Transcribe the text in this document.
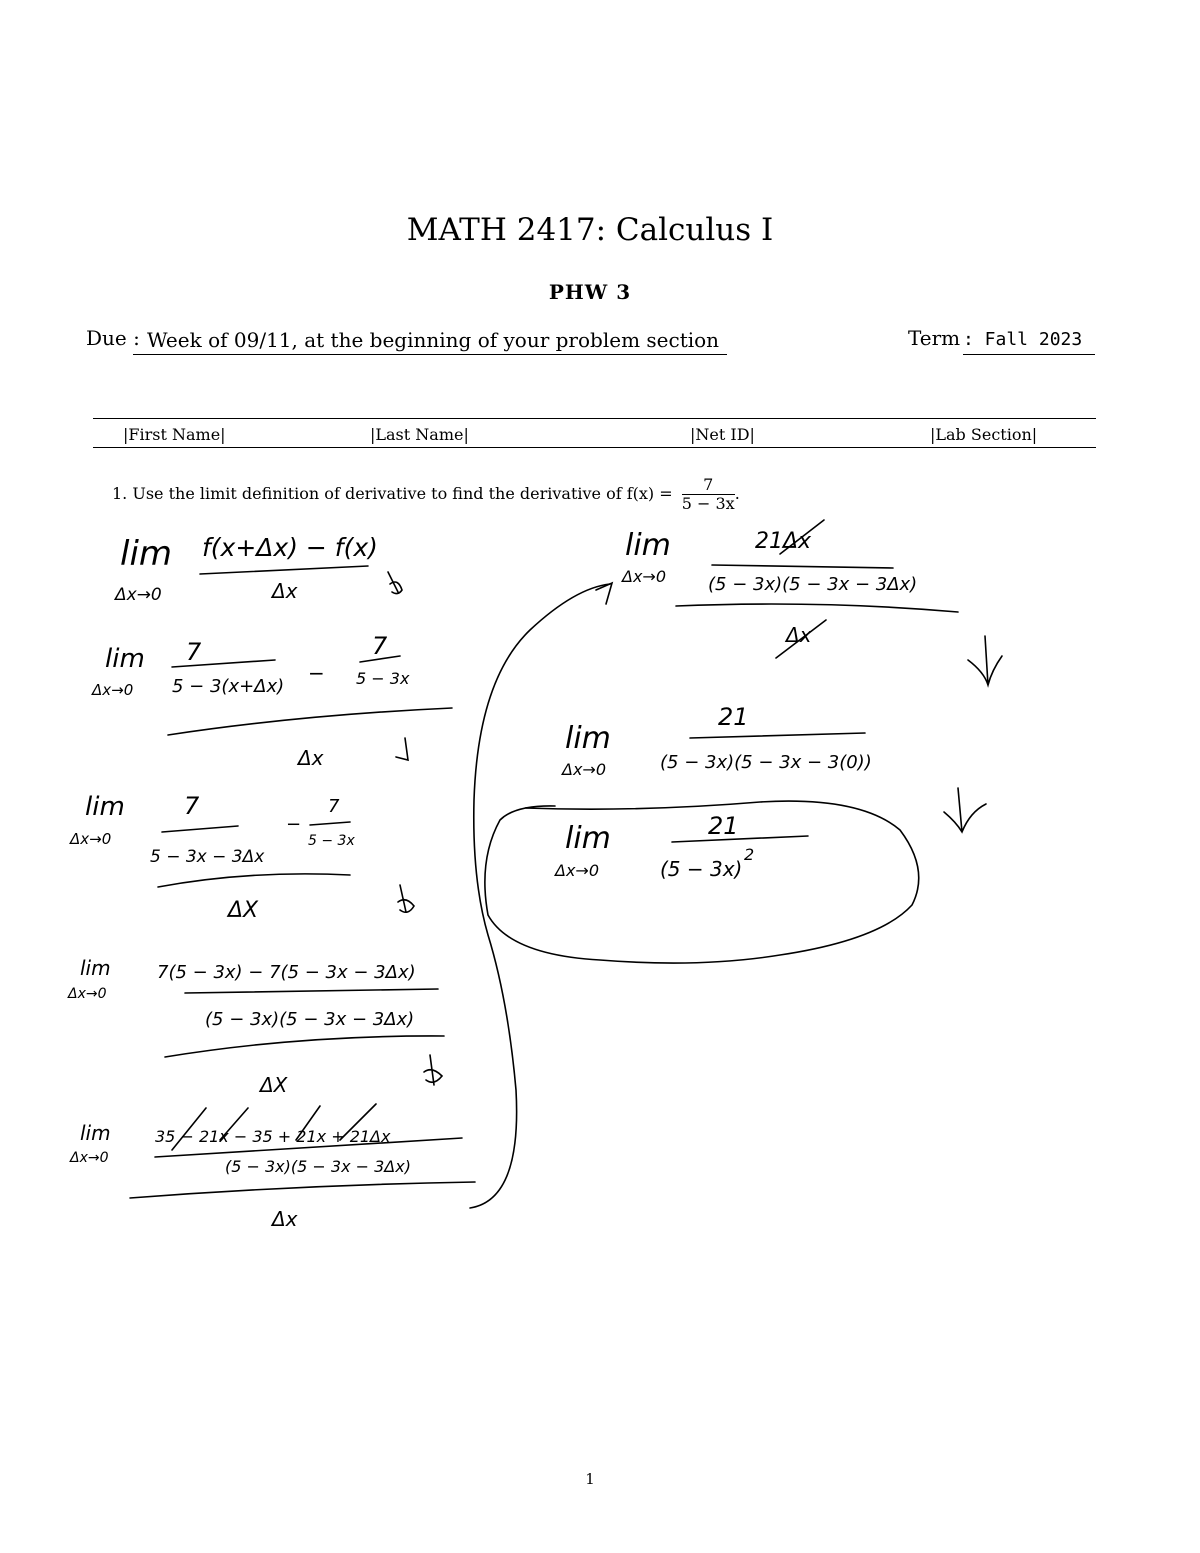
MATH 2417: Calculus I
PHW 3
Due : Week of 09/11, at the beginning of your problem section	Term : Fall 2023
|First Name|	|Last Name|	|Net ID|	|Lab Section|
1. Use the limit definition of derivative to find the derivative of $f(x) = \frac{7}{5 - 3x}$ .
lim
Δx→0
f(x+Δx) − f(x)
Δx
lim
Δx→0
7
5 − 3(x+Δx)
−
7
5 − 3x
Δx
lim
Δx→0
7
5 − 3x − 3Δx
−
7
5 − 3x
ΔX
lim
Δx→0
7(5 − 3x) − 7(5 − 3x − 3Δx)
(5 − 3x)(5 − 3x − 3Δx)
ΔX
lim
Δx→0
35 − 21x − 35 + 21x + 21Δx
(5 − 3x)(5 − 3x − 3Δx)
Δx
lim
Δx→0
21Δx
(5 − 3x)(5 − 3x − 3Δx)
Δx
lim
Δx→0
21
(5 − 3x)(5 − 3x − 3(0))
lim
Δx→0
21
(5 − 3x)
2
1
